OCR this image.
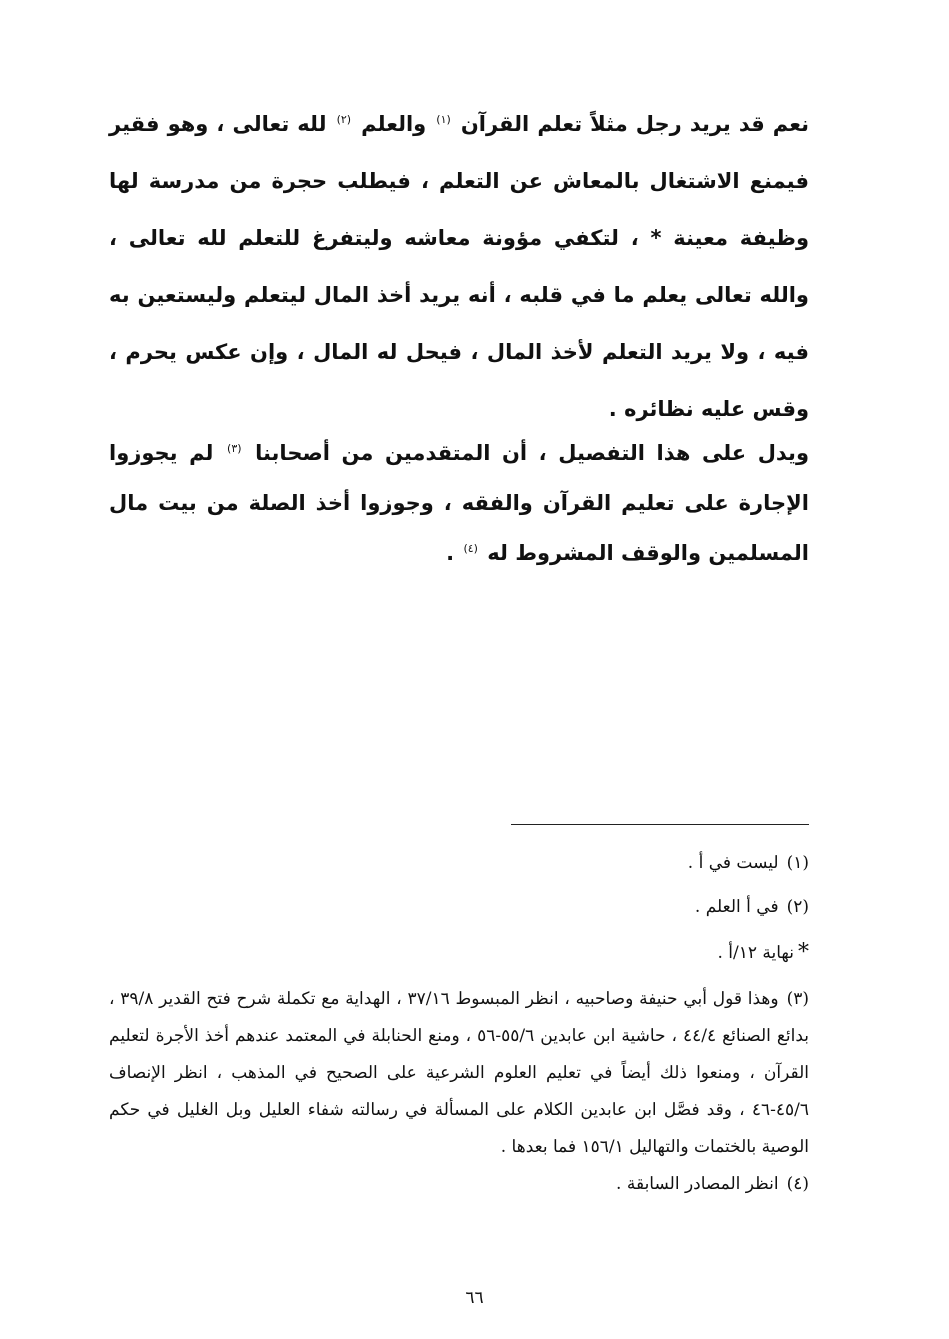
نعم قد يريد رجل مثلاً تعلم القرآن $^{(١)}$ والعلم $^{(٢)}$ لله تعالى ، وهو فقير فيمنع الاشتغال بالمعاش عن التعلم ، فيطلب حجرة من مدرسة لها وظيفة معينة * ، لتكفي مؤونة معاشه وليتفرغ للتعلم لله تعالى ، والله تعالى يعلم ما في قلبه ، أنه يريد أخذ المال ليتعلم وليستعين به فيه ، ولا يريد التعلم لأخذ المال ، فيحل له المال ، وإن عكس يحرم ، وقس عليه نظائره .

ويدل على هذا التفصيل ، أن المتقدمين من أصحابنا $^{(٣)}$ لم يجوزوا الإجارة على تعليم القرآن والفقه ، وجوزوا أخذ الصلة من بيت مال المسلمين والوقف المشروط له $^{(٤)}$ .

(١)ليست في أ .

(٢)في أ العلم .

*نهاية ١٢/أ .

(٣)وهذا قول أبي حنيفة وصاحبيه ، انظر المبسوط ٣٧/١٦ ، الهداية مع تكملة شرح فتح القدير ٣٩/٨ ، بدائع الصنائع ٤٤/٤ ، حاشية ابن عابدين ٥٥/٦-٥٦ ، ومنع الحنابلة في المعتمد عندهم أخذ الأجرة لتعليم القرآن ، ومنعوا ذلك أيضاً في تعليم العلوم الشرعية على الصحيح في المذهب ، انظر الإنصاف ٤٥/٦-٤٦ ، وقد فصَّل ابن عابدين الكلام على المسألة في رسالته شفاء العليل وبل الغليل في حكم الوصية بالختمات والتهاليل ١٥٦/١ فما بعدها .

(٤)انظر المصادر السابقة .

٦٦
